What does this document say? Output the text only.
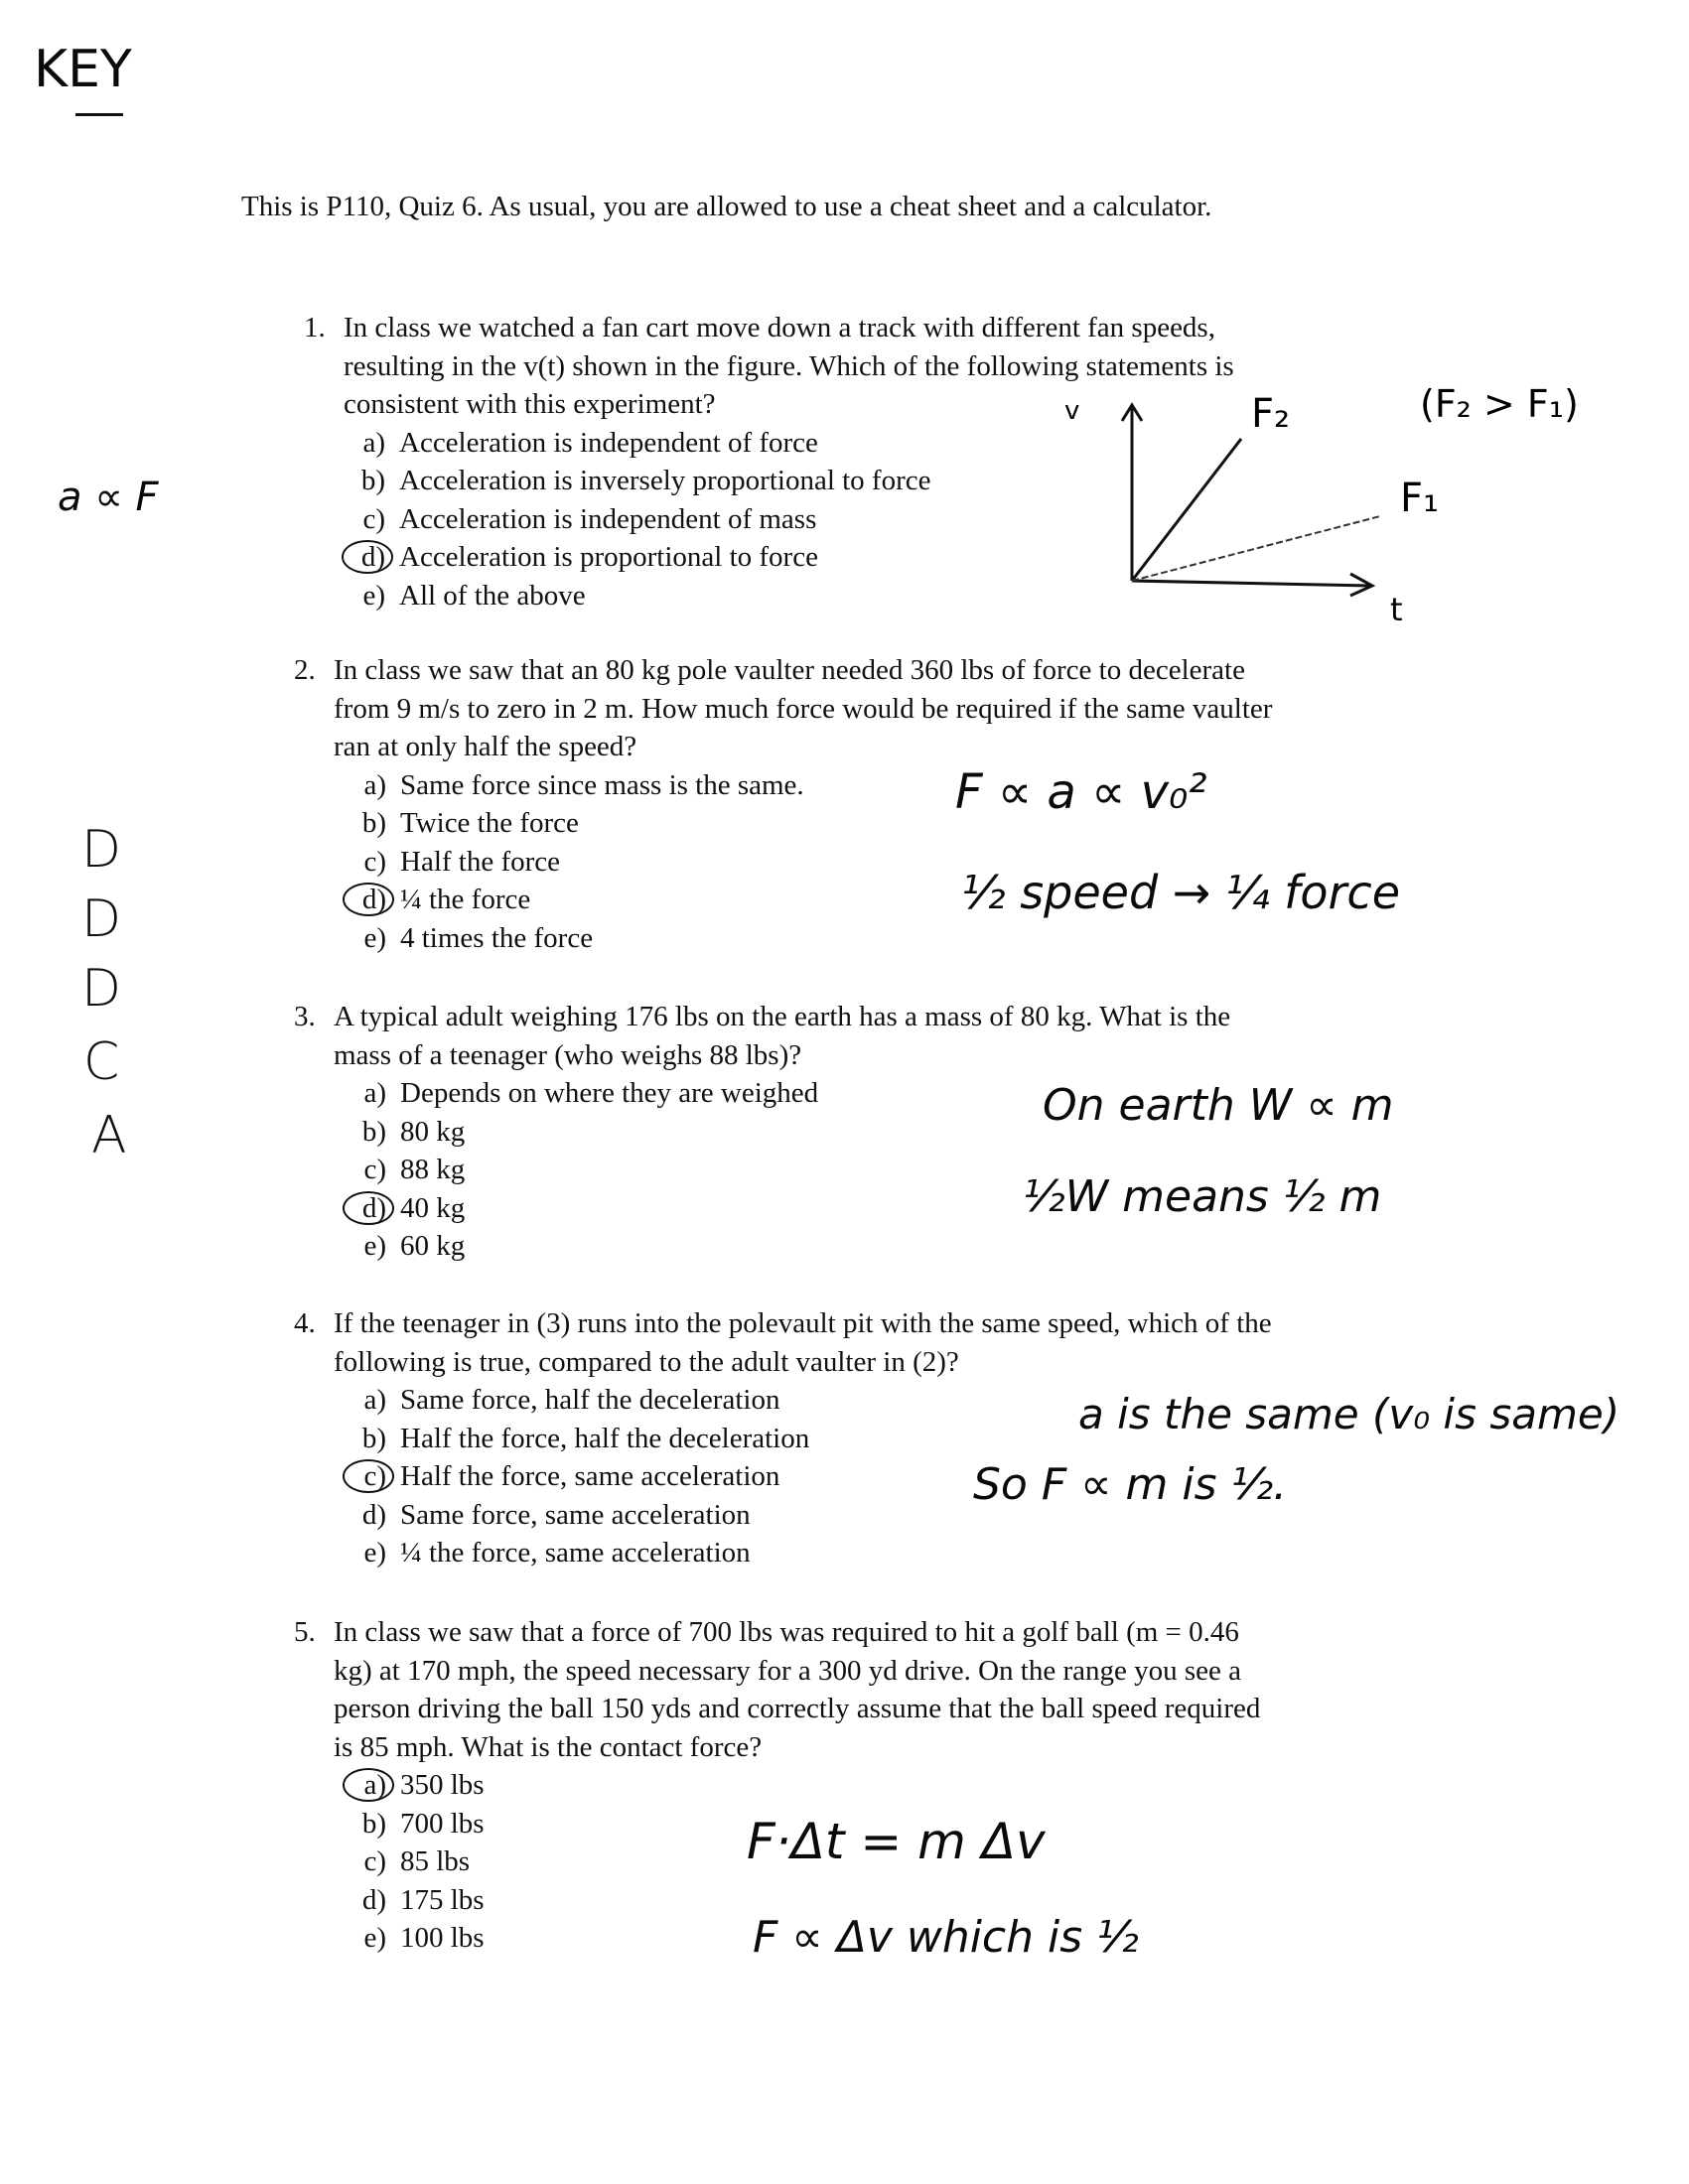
KEY
This is P110, Quiz 6. As usual, you are allowed to use a cheat sheet and a calculator.
a ∝ F
D
D
D
C
A
1. In class we watched a fan cart move down a track with different fan speeds,
resulting in the v(t) shown in the figure. Which of the following statements is
consistent with this experiment?
a) Acceleration is independent of force
b) Acceleration is inversely proportional to force
c) Acceleration is independent of mass
d) Acceleration is proportional to force
e) All of the above
v	F₂
F₁
t
(F₂ > F₁)
2. In class we saw that an 80 kg pole vaulter needed 360 lbs of force to decelerate
from 9 m/s to zero in 2 m. How much force would be required if the same vaulter
ran at only half the speed?
a) Same force since mass is the same.
b) Twice the force
c) Half the force
d) ¼ the force
e) 4 times the force
F ∝ a ∝ v₀²
½ speed → ¼ force
3. A typical adult weighing 176 lbs on the earth has a mass of 80 kg. What is the
mass of a teenager (who weighs 88 lbs)?
a) Depends on where they are weighed
b) 80 kg
c) 88 kg
d) 40 kg
e) 60 kg
On earth W ∝ m
½W means ½ m
4. If the teenager in (3) runs into the polevault pit with the same speed, which of the
following is true, compared to the adult vaulter in (2)?
a) Same force, half the deceleration
b) Half the force, half the deceleration
c) Half the force, same acceleration
d) Same force, same acceleration
e) ¼ the force, same acceleration
a is the same (v₀ is same)
So F ∝ m is ½.
5. In class we saw that a force of 700 lbs was required to hit a golf ball (m = 0.46
kg) at 170 mph, the speed necessary for a 300 yd drive. On the range you see a
person driving the ball 150 yds and correctly assume that the ball speed required
is 85 mph. What is the contact force?
a) 350 lbs
b) 700 lbs
c) 85 lbs
d) 175 lbs
e) 100 lbs
F·Δt = m Δv
F ∝ Δv which is ½
